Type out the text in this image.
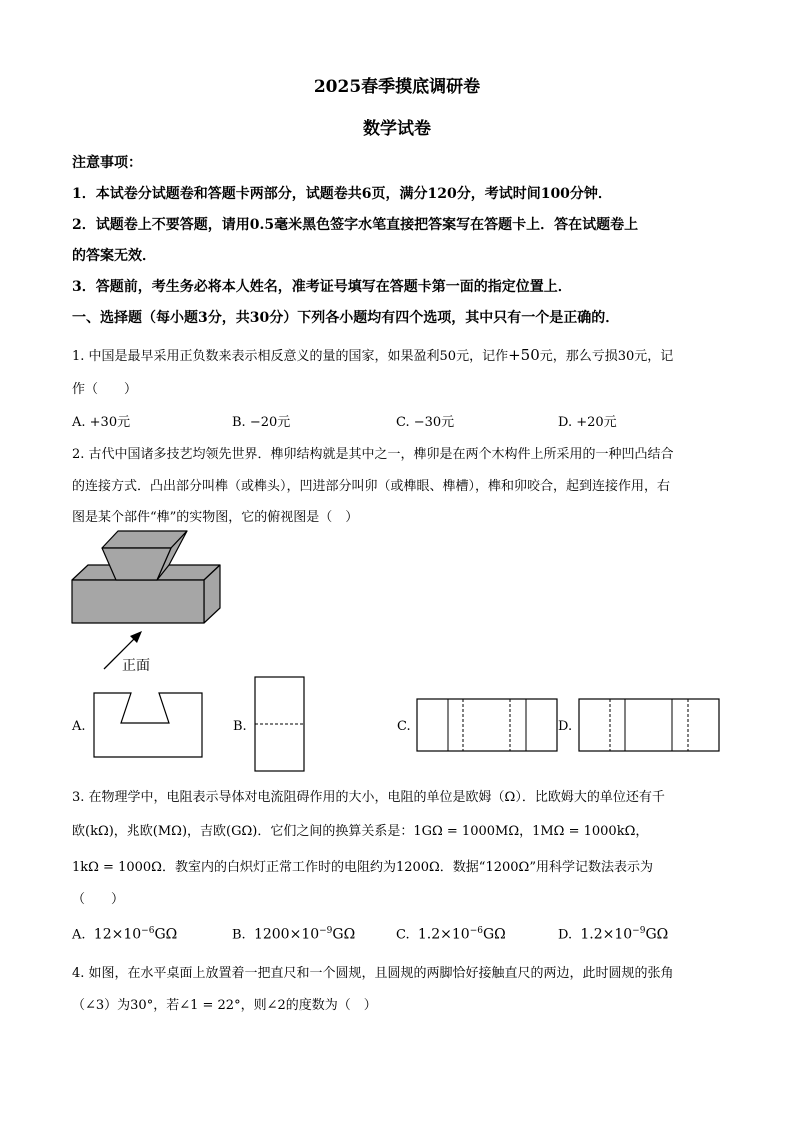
2025春季摸底调研卷
数学试卷
注意事项：
1．本试卷分试题卷和答题卡两部分，试题卷共6页，满分120分，考试时间100分钟．
2．试题卷上不要答题，请用0.5毫米黑色签字水笔直接把答案写在答题卡上．答在试题卷上
的答案无效．
3．答题前，考生务必将本人姓名，准考证号填写在答题卡第一面的指定位置上．
一、选择题（每小题3分，共30分）下列各小题均有四个选项，其中只有一个是正确的．
1. 中国是最早采用正负数来表示相反意义的量的国家，如果盈利50元，记作+50元，那么亏损30元，记
作（　　）
A. +30元	B. −20元	C. −30元	D. +20元
2. 古代中国诸多技艺均领先世界．榫卯结构就是其中之一，榫卯是在两个木构件上所采用的一种凹凸结合
的连接方式．凸出部分叫榫（或榫头），凹进部分叫卯（或榫眼、榫槽），榫和卯咬合，起到连接作用，右
图是某个部件“榫”的实物图，它的俯视图是（　）
正面
A.	B.	C.	D.
3. 在物理学中，电阻表示导体对电流阻碍作用的大小，电阻的单位是欧姆（Ω）．比欧姆大的单位还有千
欧(kΩ)，兆欧(MΩ)，吉欧(GΩ)．它们之间的换算关系是：1GΩ = 1000MΩ，1MΩ = 1000kΩ，
1kΩ = 1000Ω．教室内的白炽灯正常工作时的电阻约为1200Ω．数据“1200Ω”用科学记数法表示为
（　　）
A. $12\times 10^{-6}G\Omega$	B. $1200\times 10^{-9}G\Omega$	C. $1.2\times 10^{-6}G\Omega$	D. $1.2\times 10^{-9}G\Omega$
4. 如图，在水平桌面上放置着一把直尺和一个圆规，且圆规的两脚恰好接触直尺的两边，此时圆规的张角
（∠3）为30°，若∠1 = 22°，则∠2的度数为（　）
